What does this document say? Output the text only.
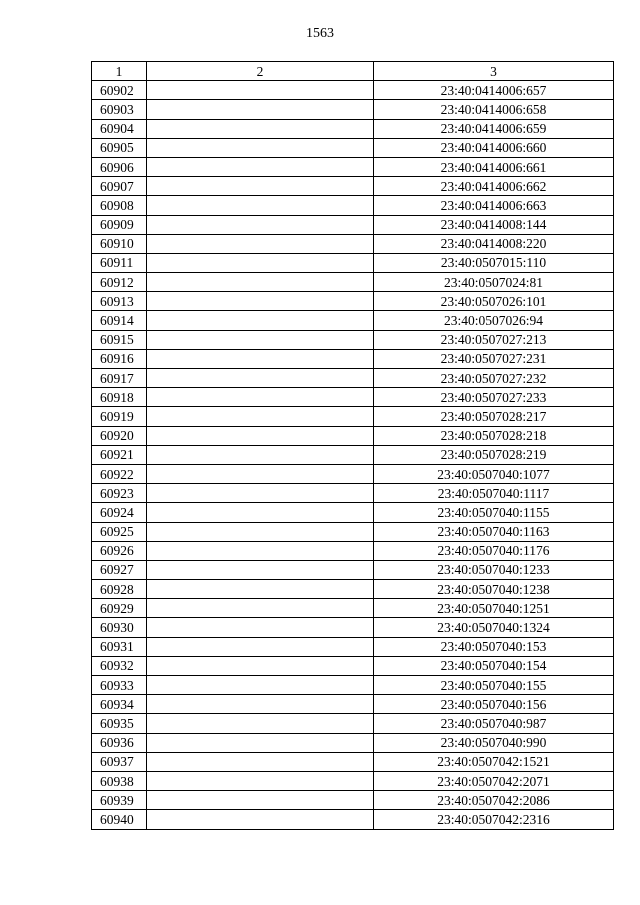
1563
1	2	3
60902		23:40:0414006:657
60903		23:40:0414006:658
60904		23:40:0414006:659
60905		23:40:0414006:660
60906		23:40:0414006:661
60907		23:40:0414006:662
60908		23:40:0414006:663
60909		23:40:0414008:144
60910		23:40:0414008:220
60911		23:40:0507015:110
60912		23:40:0507024:81
60913		23:40:0507026:101
60914		23:40:0507026:94
60915		23:40:0507027:213
60916		23:40:0507027:231
60917		23:40:0507027:232
60918		23:40:0507027:233
60919		23:40:0507028:217
60920		23:40:0507028:218
60921		23:40:0507028:219
60922		23:40:0507040:1077
60923		23:40:0507040:1117
60924		23:40:0507040:1155
60925		23:40:0507040:1163
60926		23:40:0507040:1176
60927		23:40:0507040:1233
60928		23:40:0507040:1238
60929		23:40:0507040:1251
60930		23:40:0507040:1324
60931		23:40:0507040:153
60932		23:40:0507040:154
60933		23:40:0507040:155
60934		23:40:0507040:156
60935		23:40:0507040:987
60936		23:40:0507040:990
60937		23:40:0507042:1521
60938		23:40:0507042:2071
60939		23:40:0507042:2086
60940		23:40:0507042:2316
